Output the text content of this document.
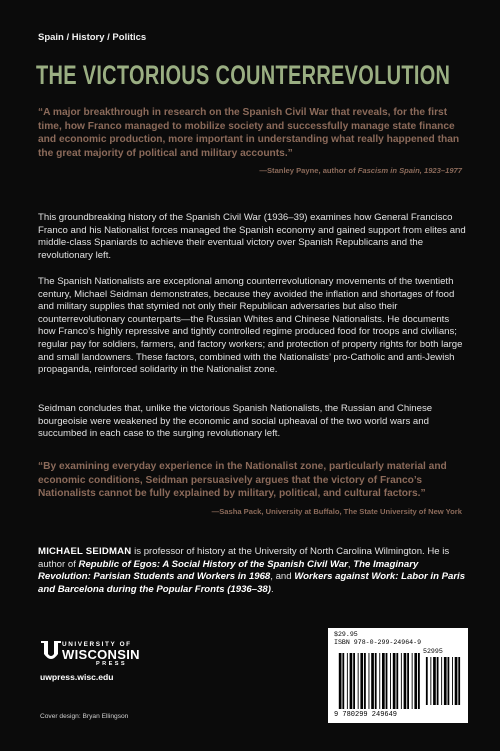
Spain / History / Politics
THE VICTORIOUS COUNTERREVOLUTION
“A major breakthrough in research on the Spanish Civil War that reveals, for the first time, how Franco managed to mobilize society and successfully manage state finance and economic production, more important in understanding what really happened than the great majority of political and military accounts.”
—Stanley Payne, author of Fascism in Spain, 1923–1977
This groundbreaking history of the Spanish Civil War (1936–39) examines how General Francisco Franco and his Nationalist forces managed the Spanish economy and gained support from elites and middle-class Spaniards to achieve their eventual victory over Spanish Republicans and the revolutionary left.
The Spanish Nationalists are exceptional among counterrevolutionary movements of the twentieth century, Michael Seidman demonstrates, because they avoided the inflation and shortages of food and military supplies that stymied not only their Republican adversaries but also their counterrevolutionary counterparts—the Russian Whites and Chinese Nationalists. He documents how Franco’s highly repressive and tightly controlled regime produced food for troops and civilians; regular pay for soldiers, farmers, and factory workers; and protection of property rights for both large and small landowners. These factors, combined with the Nationalists’ pro-Catholic and anti-Jewish propaganda, reinforced solidarity in the Nationalist zone.
Seidman concludes that, unlike the victorious Spanish Nationalists, the Russian and Chinese bourgeoisie were weakened by the economic and social upheaval of the two world wars and succumbed in each case to the surging revolutionary left.
“By examining everyday experience in the Nationalist zone, particularly material and economic conditions, Seidman persuasively argues that the victory of Franco’s Nationalists cannot be fully explained by military, political, and cultural factors.”
—Sasha Pack, University at Buffalo, The State University of New York
MICHAEL SEIDMAN is professor of history at the University of North Carolina Wilmington. He is author of Republic of Egos: A Social History of the Spanish Civil War, The Imaginary Revolution: Parisian Students and Workers in 1968, and Workers against Work: Labor in Paris and Barcelona during the Popular Fronts (1936–38).
UNIVERSITY OF
WISCONSIN
PRESS
uwpress.wisc.edu
Cover design: Bryan Ellingson
$29.95
ISBN 978-0-299-24964-9
52995
9 780299 249649
